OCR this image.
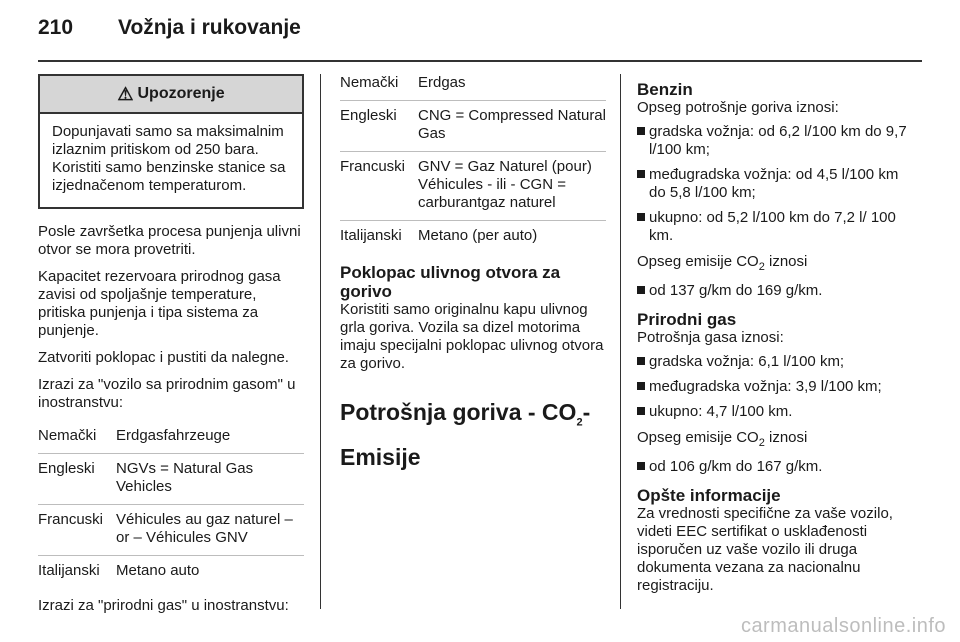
210 Vožnja i rukovanje
⚠ Upozorenje
Dopunjavati samo sa maksimalnim izlaznim pritiskom od 250 bara. Koristiti samo benzinske stanice sa izjednačenom temperaturom.

Posle završetka procesa punjenja ulivni otvor se mora provetriti.

Kapacitet rezervoara prirodnog gasa zavisi od spoljašnje temperature, pritiska punjenja i tipa sistema za punjenje.

Zatvoriti poklopac i pustiti da nalegne.

Izrazi za "vozilo sa prirodnim gasom" u inostranstvu:

Nemački	Erdgasfahrzeuge
Engleski	NGVs = Natural Gas Vehicles
Francuski Véhicules au gaz naturel – or – Véhicules GNV
Italijanski	Metano auto

Izrazi za "prirodni gas" u inostranstvu:

Nemački	Erdgas
Engleski	CNG = Compressed Natural Gas
Francuski GNV = Gaz Naturel (pour) Véhicules - ili - CGN = carburantgaz naturel
Italijanski	Metano (per auto)
Poklopac ulivnog otvora za gorivo

Koristiti samo originalnu kapu ulivnog grla goriva. Vozila sa dizel motorima imaju specijalni poklopac ulivnog otvora za gorivo.

Potrošnja goriva - $CO_2$-Emisije
Benzin

Opseg potrošnje goriva iznosi:

gradska vožnja: od 6,2 l/100 km do 9,7 l/100 km;
međugradska vožnja: od 4,5 l/100 km do 5,8 l/100 km;
ukupno: od 5,2 l/100 km do 7,2 l/ 100 km.

Opseg emisije $CO_2$ iznosi

od 137 g/km do 169 g/km.
Prirodni gas

Potrošnja gasa iznosi:

gradska vožnja: 6,1 l/100 km;
međugradska vožnja: 3,9 l/100 km;
ukupno: 4,7 l/100 km.

Opseg emisije $CO_2$ iznosi

od 106 g/km do 167 g/km.
Opšte informacije

Za vrednosti specifične za vaše vozilo, videti EEC sertifikat o usklađenosti isporučen uz vaše vozilo ili druga dokumenta vezana za nacionalnu registraciju.

carmanualsonline.info
